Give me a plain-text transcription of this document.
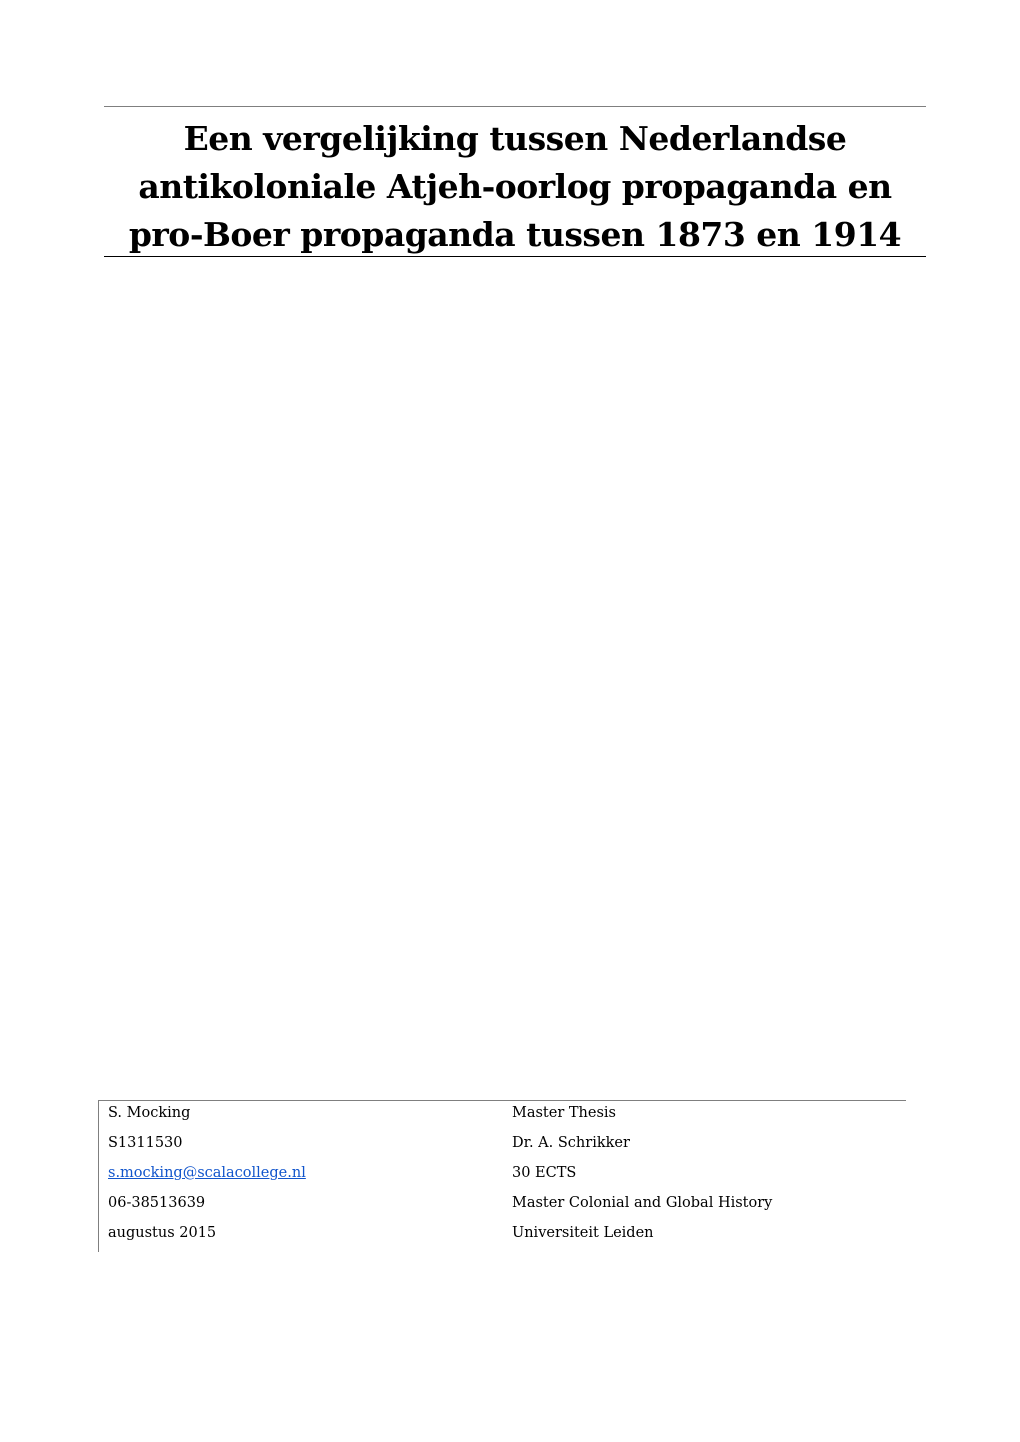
Een vergelijking tussen Nederlandse
antikoloniale Atjeh-oorlog propaganda en
pro-Boer propaganda tussen 1873 en 1914
S. Mocking
S1311530
s.mocking@scalacollege.nl
06-38513639
augustus 2015
Master Thesis
Dr. A. Schrikker
30 ECTS
Master Colonial and Global History
Universiteit Leiden
